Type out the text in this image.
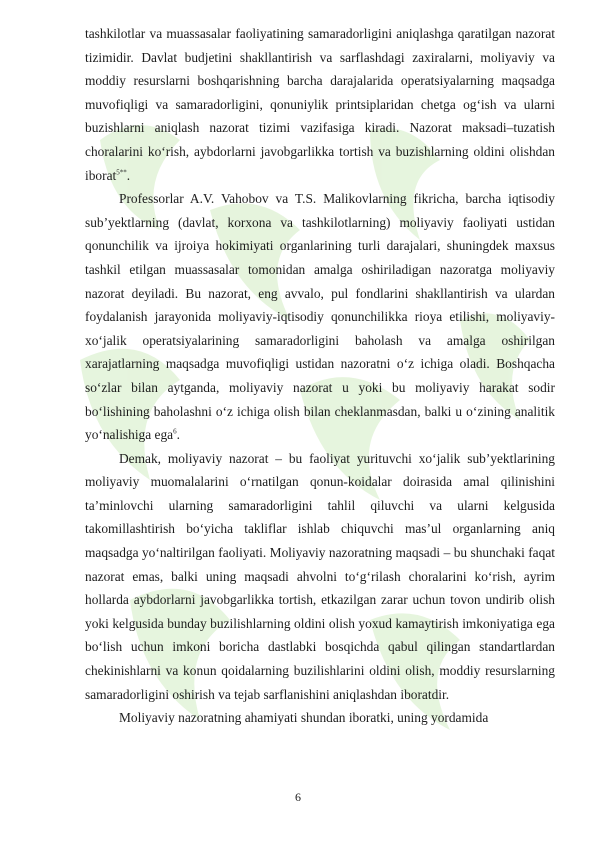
tashkilotlar va muassasalar faoliyatining samaradorligini aniqlashga qaratilgan nazorat tizimidir. Davlat budjetini shakllantirish va sarflashdagi zaxiralarni, moliyaviy va moddiy resurslarni boshqarishning barcha darajalarida operatsiyalarning maqsadga muvofiqligi va samaradorligini, qonuniylik printsiplaridan chetga og‘ish va ularni buzishlarni aniqlash nazorat tizimi vazifasiga kiradi. Nazorat maksadi–tuzatish choralarini ko‘rish, aybdorlarni javobgarlikka tortish va buzishlarning oldini olishdan iborat$^{5**}$.

Professorlar A.V. Vahobov va T.S. Malikovlarning fikricha, barcha iqtisodiy sub’yektlarning (davlat, korxona va tashkilotlarning) moliyaviy faoliyati ustidan qonunchilik va ijroiya hokimiyati organlarining turli darajalari, shuningdek maxsus tashkil etilgan muassasalar tomonidan amalga oshiriladigan nazoratga moliyaviy nazorat deyiladi. Bu nazorat, eng avvalo, pul fondlarini shakllantirish va ulardan foydalanish jarayonida moliyaviy-iqtisodiy qonunchilikka rioya etilishi, moliyaviy-xo‘jalik operatsiyalarining samaradorligini baholash va amalga oshirilgan xarajatlarning maqsadga muvofiqligi ustidan nazoratni o‘z ichiga oladi. Boshqacha so‘zlar bilan aytganda, moliyaviy nazorat u yoki bu moliyaviy harakat sodir bo‘lishining baholashni o‘z ichiga olish bilan cheklanmasdan, balki u o‘zining analitik yo‘nalishiga ega$^6$.

Demak, moliyaviy nazorat – bu faoliyat yurituvchi xo‘jalik sub’yektlarining moliyaviy muomalalarini o‘rnatilgan qonun-koidalar doirasida amal qilinishini ta’minlovchi ularning samaradorligini tahlil qiluvchi va ularni kelgusida takomillashtirish bo‘yicha takliflar ishlab chiquvchi mas’ul organlarning aniq maqsadga yo‘naltirilgan faoliyati. Moliyaviy nazoratning maqsadi – bu shunchaki faqat nazorat emas, balki uning maqsadi ahvolni to‘g‘rilash choralarini ko‘rish, ayrim hollarda aybdorlarni javobgarlikka tortish, etkazilgan zarar uchun tovon undirib olish yoki kelgusida bunday buzilishlarning oldini olish yoxud kamaytirish imkoniyatiga ega bo‘lish uchun imkoni boricha dastlabki bosqichda qabul qilingan standartlardan chekinishlarni va konun qoidalarning buzilishlarini oldini olish, moddiy resurslarning samaradorligini oshirish va tejab sarflanishini aniqlashdan iboratdir.

Moliyaviy nazoratning ahamiyati shundan iboratki, uning yordamida

6
